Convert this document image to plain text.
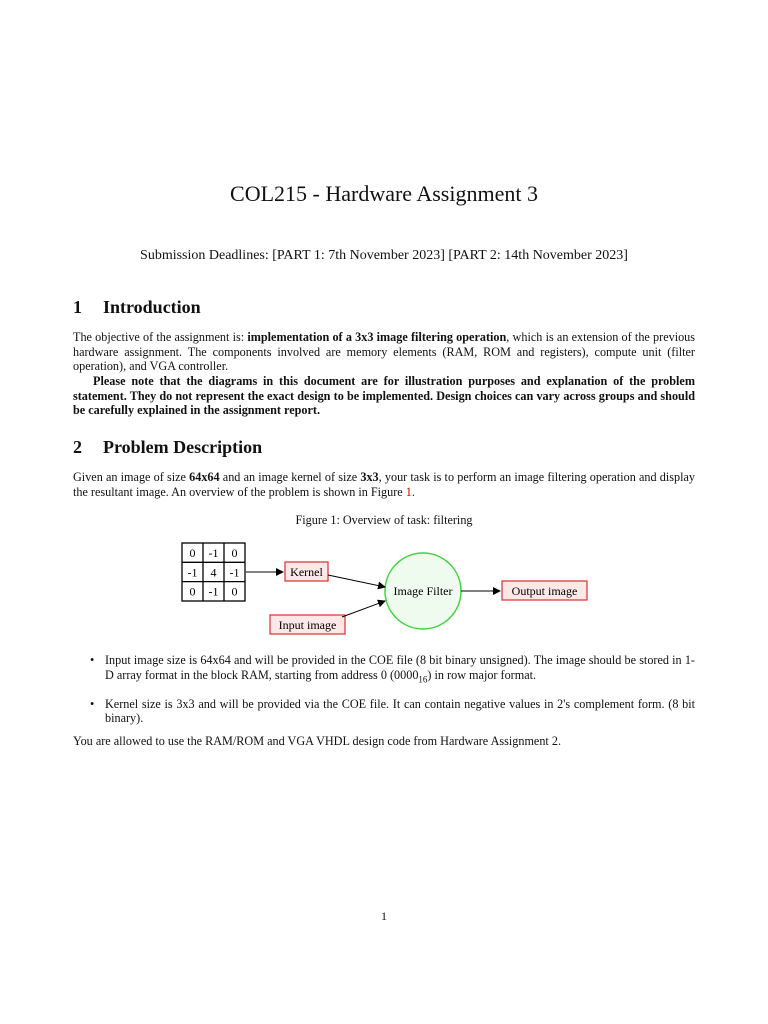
COL215 - Hardware Assignment 3
Submission Deadlines: [PART 1: 7th November 2023] [PART 2: 14th November 2023]
1 Introduction
The objective of the assignment is: implementation of a 3x3 image filtering operation, which is an extension of the previous hardware assignment. The components involved are memory elements (RAM, ROM and registers), compute unit (filter operation), and VGA controller.
Please note that the diagrams in this document are for illustration purposes and explanation of the problem statement. They do not represent the exact design to be implemented. Design choices can vary across groups and should be carefully explained in the assignment report.
2 Problem Description
Given an image of size 64x64 and an image kernel of size 3x3, your task is to perform an image filtering operation and display the resultant image. An overview of the problem is shown in Figure 1.
Figure 1: Overview of task: filtering
0 -1 0
-1 4 -1
0 -1 0
Kernel
Input image
Image Filter	Output image
• Input image size is 64x64 and will be provided in the COE file (8 bit binary unsigned). The image should be stored in 1-D array format in the block RAM, starting from address 0 $(0000_{16})$ in row major format.
• Kernel size is 3x3 and will be provided via the COE file. It can contain negative values in 2's complement form. (8 bit binary).
You are allowed to use the RAM/ROM and VGA VHDL design code from Hardware Assignment 2.
1
